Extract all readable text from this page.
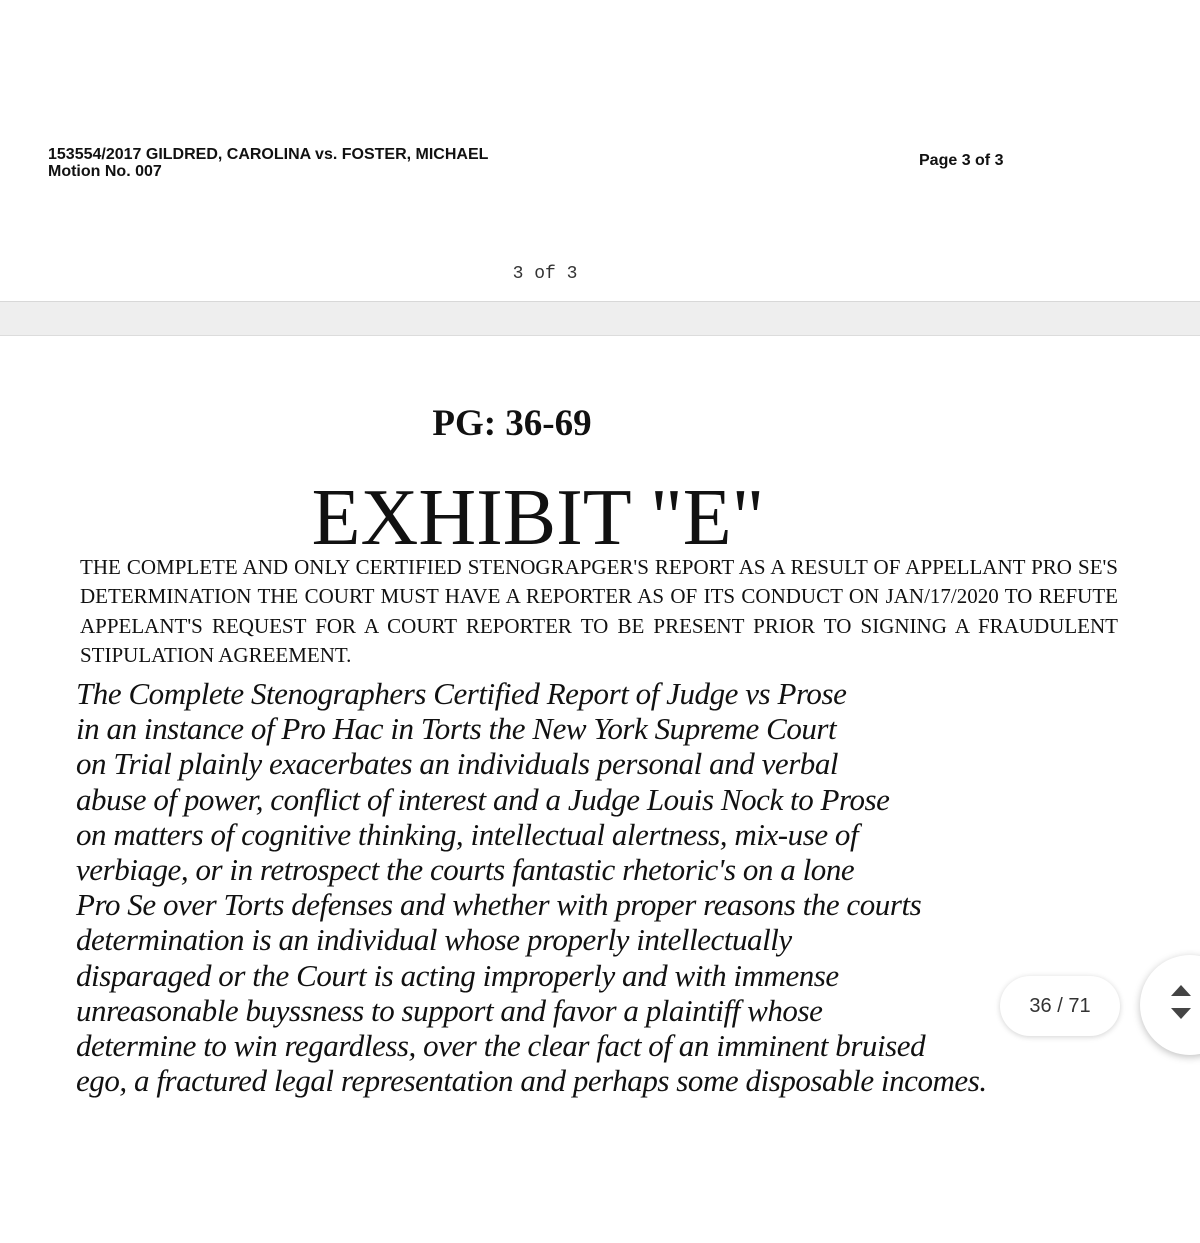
153554/2017 GILDRED, CAROLINA vs. FOSTER, MICHAEL
Motion No. 007
Page 3 of 3
3 of 3
PG: 36-69
EXHIBIT "E"

THE COMPLETE AND ONLY CERTIFIED STENOGRAPGER'S REPORT AS A RESULT OF APPELLANT PRO SE'S DETERMINATION THE COURT MUST HAVE A REPORTER AS OF ITS CONDUCT ON JAN/17/2020 TO REFUTE APPELANT'S REQUEST FOR A COURT REPORTER TO BE PRESENT PRIOR TO SIGNING A FRAUDULENT STIPULATION AGREEMENT.

The Complete Stenographers Certified Report of Judge vs Prose
in an instance of Pro Hac in Torts the New York Supreme Court
on Trial plainly exacerbates an individuals personal and verbal
abuse of power, conflict of interest and a Judge Louis Nock to Prose
on matters of cognitive thinking, intellectual alertness, mix-use of
verbiage, or in retrospect the courts fantastic rhetoric's on a lone
Pro Se over Torts defenses and whether with proper reasons the courts
determination is an individual whose properly intellectually
disparaged or the Court is acting improperly and with immense
unreasonable buyssness to support and favor a plaintiff whose
determine to win regardless, over the clear fact of an imminent bruised
ego, a fractured legal representation and perhaps some disposable incomes.

36 / 71
